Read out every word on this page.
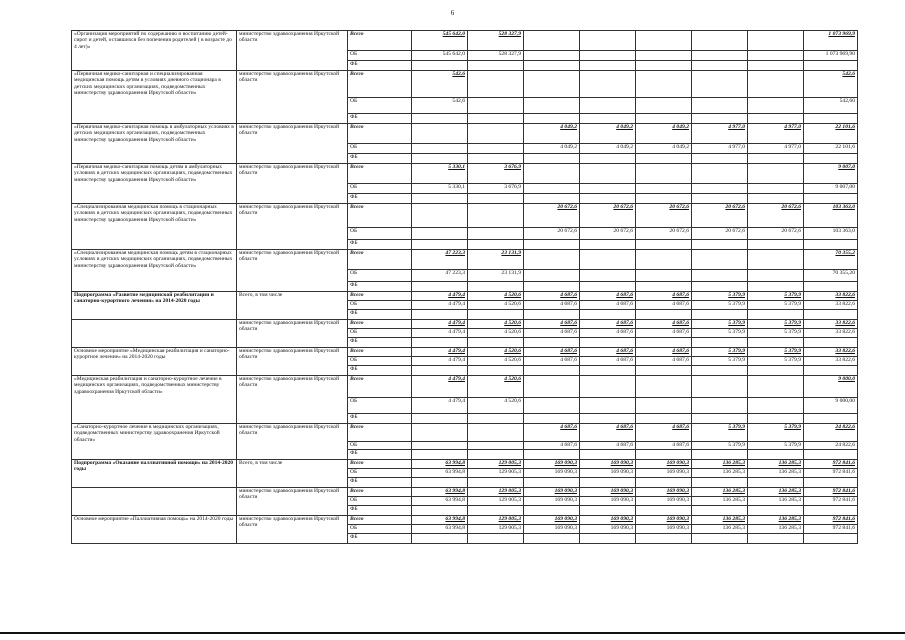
6
«Организация мероприятий по содержанию и воспитанию детей-сирот и детей, оставшихся без попечения родителей ( в возрасте до 4 лет)»	министерство здравоохранения Иркутской области	Всего	545 642,0	528 327,9						1 073 969,9
		ОБ	545 642,0	528 327,9						1 073 969,90
		ФБ								
«Первичная медико-санитарная и специализированная медицинская помощь детям в условиях дневного стационара в детских медицинских организациях, подведомственных министерству здравоохранения Иркутской области»	министерство здравоохранения Иркутской области	Всего	542,6							542,6
		ОБ	542,6							542,60
		ФБ								
«Первичная медико-санитарная помощь в амбулаторных условиях в детских медицинских организациях, подведомственных министерству здравоохранения Иркутской области»	министерство здравоохранения Иркутской области	Всего			4 049,2	4 049,2	4 049,2	4 977,0	4 977,0	22 101,6
		ОБ			4 049,2	4 049,2	4 049,2	4 977,0	4 977,0	22 101,6
		ФБ								
«Первичная медико-санитарная помощь детям в амбулаторных условиях в детских медицинских организациях, подведомственных министерству здравоохранения Иркутской области»	министерство здравоохранения Иркутской области	Всего	5 330,1	3 676,9						9 007,0
		ОБ	5 330,1	3 676,9						9 007,00
		ФБ								
«Специализированная медицинская помощь в стационарных условиях в детских медицинских организациях, подведомственных министерству здравоохранения Иркутской области»	министерство здравоохранения Иркутской области	Всего			20 672,6	20 672,6	20 672,6	20 672,6	20 672,6	103 363,0
		ОБ			20 672,6	20 672,6	20 672,6	20 672,6	20 672,6	103 363,0
		ФБ								
«Специализированная медицинская помощь детям в стационарных условиях в детских медицинских организациях, подведомственных министерству здравоохранения Иркутской области»	министерство здравоохранения Иркутской области	Всего	47 223,3	23 131,9						70 355,2
		ОБ	47 223,3	23 131,9						70 355,20
		ФБ								
Подпрограмма «Развитие медицинской реабилитации и санаторно-курортного лечения» на 2014-2020 годы	Всего, в том числе	Всего	4 479,4	4 520,6	4 687,6	4 687,6	4 687,6	5 379,9	5 379,9	33 822,6
		ОБ	4 479,4	4 520,6	4 687,6	4 687,6	4 687,6	5 379,9	5 379,9	33 822,6
		ФБ								
	министерство здравоохранения Иркутской области	Всего	4 479,4	4 520,6	4 687,6	4 687,6	4 687,6	5 379,9	5 379,9	33 822,6
		ОБ	4 479,4	4 520,6	4 687,6	4 687,6	4 687,6	5 379,9	5 379,9	33 822,6
		ФБ								
Основное мероприятие «Медицинская реабилитация и санаторно-курортное лечение» на 2014-2020 годы	министерство здравоохранения Иркутской области	Всего	4 479,4	4 520,6	4 687,6	4 687,6	4 687,6	5 379,9	5 379,9	33 822,6
		ОБ	4 479,4	4 520,6	4 687,6	4 687,6	4 687,6	5 379,9	5 379,9	33 822,6
		ФБ								
«Медицинская реабилитация и санаторно-курортное лечение в медицинских организациях, подведомственных министерству здравоохранения Иркутской области»	министерство здравоохранения Иркутской области	Всего	4 479,4	4 520,6						9 000,0
		ОБ	4 479,4	4 520,6						9 000,00
		ФБ								
«Санаторно-курортное лечение в медицинских организациях, подведомственных министерству здравоохранения Иркутской области»	министерство здравоохранения Иркутской области	Всего			4 687,6	4 687,6	4 687,6	5 379,9	5 379,9	24 822,6
		ОБ			4 687,6	4 687,6	4 687,6	5 379,9	5 379,9	24 822,6
		ФБ								
Подпрограмма «Оказание паллиативной помощи» на 2014-2020 годы	Всего, в том числе	Всего	63 994,8	129 005,3	169 090,3	169 090,3	169 090,3	136 285,3	136 285,3	972 841,6
		ОБ	63 994,8	129 005,3	169 090,3	169 090,3	169 090,3	136 285,3	136 285,3	972 841,6
		ФБ								
	министерство здравоохранения Иркутской области	Всего	63 994,8	129 005,3	169 090,3	169 090,3	169 090,3	136 285,3	136 285,3	972 841,6
		ОБ	63 994,8	129 005,3	169 090,3	169 090,3	169 090,3	136 285,3	136 285,3	972 841,6
		ФБ								
Основное мероприятие «Паллиативная помощь» на 2014-2020 годы	министерство здравоохранения Иркутской области	Всего	63 994,8	129 005,3	169 090,3	169 090,3	169 090,3	136 285,3	136 285,3	972 841,6
		ОБ	63 994,8	129 005,3	169 090,3	169 090,3	169 090,3	136 285,3	136 285,3	972 841,6
		ФБ								
